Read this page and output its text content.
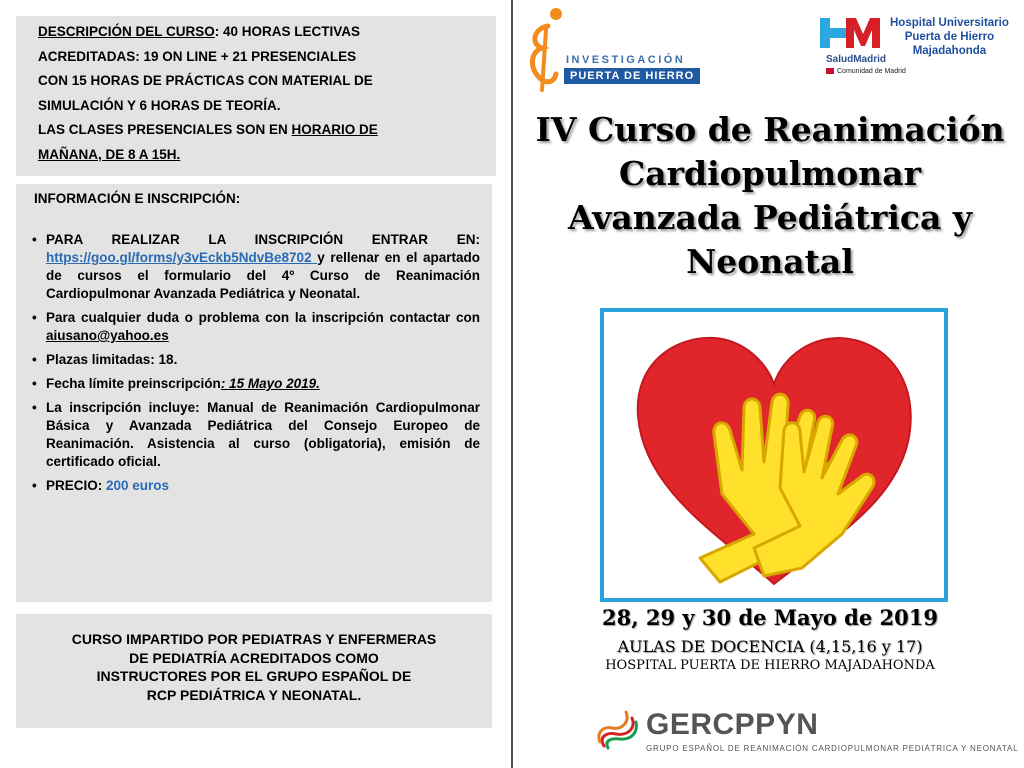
DESCRIPCIÓN DEL CURSO: 40 HORAS LECTIVAS

ACREDITADAS: 19 ON LINE + 21 PRESENCIALES

CON 15 HORAS DE PRÁCTICAS CON MATERIAL DE

SIMULACIÓN Y 6 HORAS DE TEORÍA.

LAS CLASES PRESENCIALES SON EN HORARIO DE

MAÑANA, DE 8 A 15H.

INFORMACIÓN E INSCRIPCIÓN:
• PARA REALIZAR LA INSCRIPCIÓN ENTRAR EN: https://goo.gl/forms/y3vEckb5NdvBe8702 y rellenar en el apartado de cursos el formulario del 4º Curso de Reanimación Cardiopulmonar Avanzada Pediátrica y Neonatal.
• Para cualquier duda o problema con la inscripción contactar con aiusano@yahoo.es
• Plazas limitadas: 18.
• Fecha límite preinscripción: 15 Mayo 2019.
• La inscripción incluye: Manual de Reanimación Cardiopulmonar Básica y Avanzada Pediátrica del Consejo Europeo de Reanimación. Asistencia al curso (obligatoria), emisión de certificado oficial.
• PRECIO: 200 euros

CURSO IMPARTIDO POR PEDIATRAS Y ENFERMERAS

DE PEDIATRÍA ACREDITADOS COMO

INSTRUCTORES POR EL GRUPO ESPAÑOL DE

RCP PEDIÁTRICA Y NEONATAL.

INVESTIGACIÓN
PUERTA DE HIERRO
Hospital Universitario
Puerta de Hierro
Majadahonda
SaludMadrid
Comunidad de Madrid
IV Curso de Reanimación
Cardiopulmonar
Avanzada Pediátrica y
Neonatal
28, 29 y 30 de Mayo de 2019
AULAS DE DOCENCIA (4,15,16 y 17)
HOSPITAL PUERTA DE HIERRO MAJADAHONDA
GERCPPYN
GRUPO ESPAÑOL DE REANIMACIÓN CARDIOPULMONAR PEDIÁTRICA Y NEONATAL
